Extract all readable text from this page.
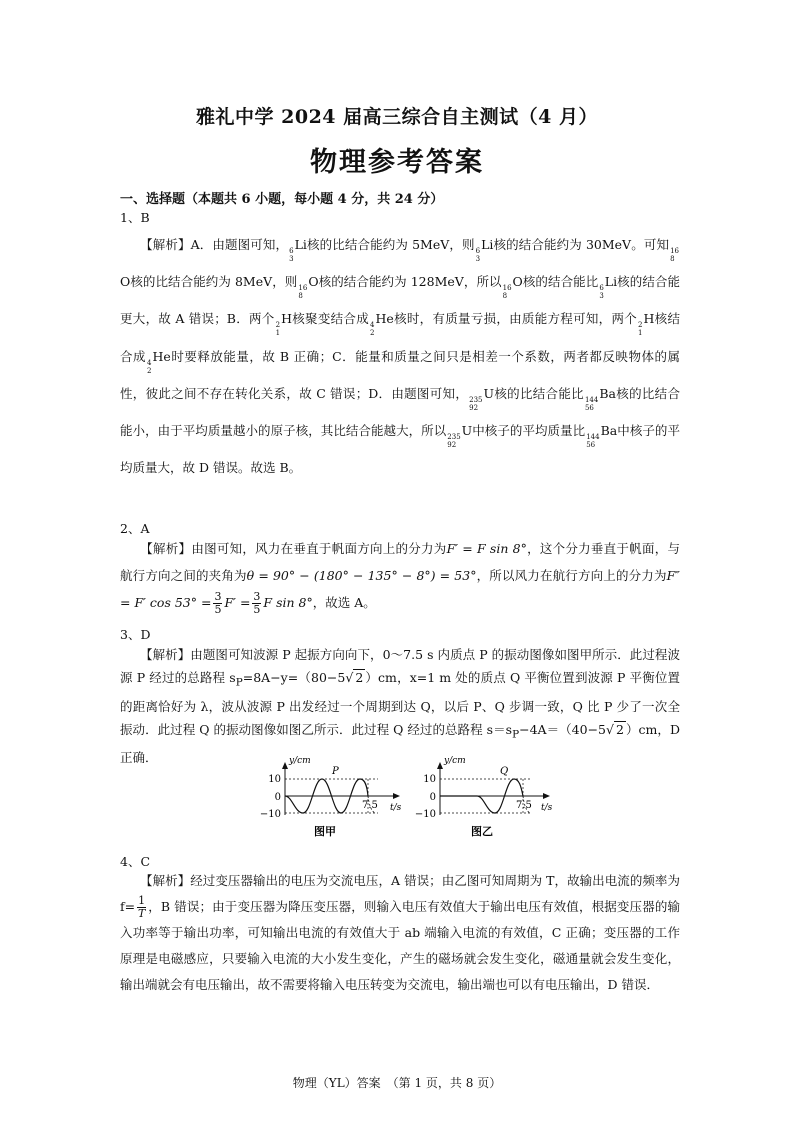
雅礼中学 2024 届高三综合自主测试（4 月）
物理参考答案
一、选择题（本题共 6 小题，每小题 4 分，共 24 分）
1、B
【解析】A．由题图可知， 6
3
Li核的比结合能约为 5MeV，则 6
3
Li核的结合能约为 30MeV。可知 16
8
O核的比结合能约为 8MeV，则 16
8
O核的结合能约为 128MeV，所以 16
8
O核的结合能比 6
3
Li核的结合能更大，故 A 错误；B．两个 2
1
H核聚变结合成 4
2
He核时，有质量亏损，由质能方程可知，两个 2
1
H核结合成 4
2
He时要释放能量，故 B 正确；C．能量和质量之间只是相差一个系数，两者都反映物体的属性，彼此之间不存在转化关系，故 C 错误；D．由题图可知， 235
92
U核的比结合能比 144
56
Ba核的比结合能小，由于平均质量越小的原子核，其比结合能越大，所以 235
92
U中核子的平均质量比 144
56
Ba中核子的平均质量大，故 D 错误。故选 B。
2、A
【解析】由图可知，风力在垂直于帆面方向上的分力为F′ = F sin 8°，这个分力垂直于帆面，与航行方向之间的夹角为θ = 90° − (180° − 135° − 8°) = 53°，所以风力在航行方向上的分力为F″ = F′ $\cos 53^\circ = \frac{3}{5} F' = \frac{3}{5}$ F sin 8°，故选 A。
3、D
【解析】由题图可知波源 P 起振方向向下，0～7.5 s 内质点 P 的振动图像如图甲所示．此过程波源 P 经过的总路程 $s_P=8A-y=(80-5√$ 2 ）cm，x=1 m 处的质点 Q 平衡位置到波源 P 平衡位置的距离恰好为 λ，波从波源 P 出发经过一个周期到达 Q，以后 P、Q 步调一致，Q 比 P 少了一次全振动．此过程 Q 的振动图像如图乙所示．此过程 Q 经过的总路程 $s=s_P-4A=(40-5√$ 2 ）cm，D 正确．	y/cm
t/s
P
10
0
−10
7.5
图甲
y/cm
t/s
Q
10
0
−10
7.5
图乙
4、C
【解析】经过变压器输出的电压为交流电压，A 错误；由乙图可知周期为 T，故输出电流的频率为 $f= \frac{1}{T}$ ，B 错误；由于变压器为降压变压器，则输入电压有效值大于输出电压有效值，根据变压器的输入功率等于输出功率，可知输出电流的有效值大于 ab 端输入电流的有效值，C 正确；变压器的工作原理是电磁感应，只要输入电流的大小发生变化，产生的磁场就会发生变化，磁通量就会发生变化，输出端就会有电压输出，故不需要将输入电压转变为交流电，输出端也可以有电压输出，D 错误．
物理（YL）答案　（第 1 页，共 8 页）
